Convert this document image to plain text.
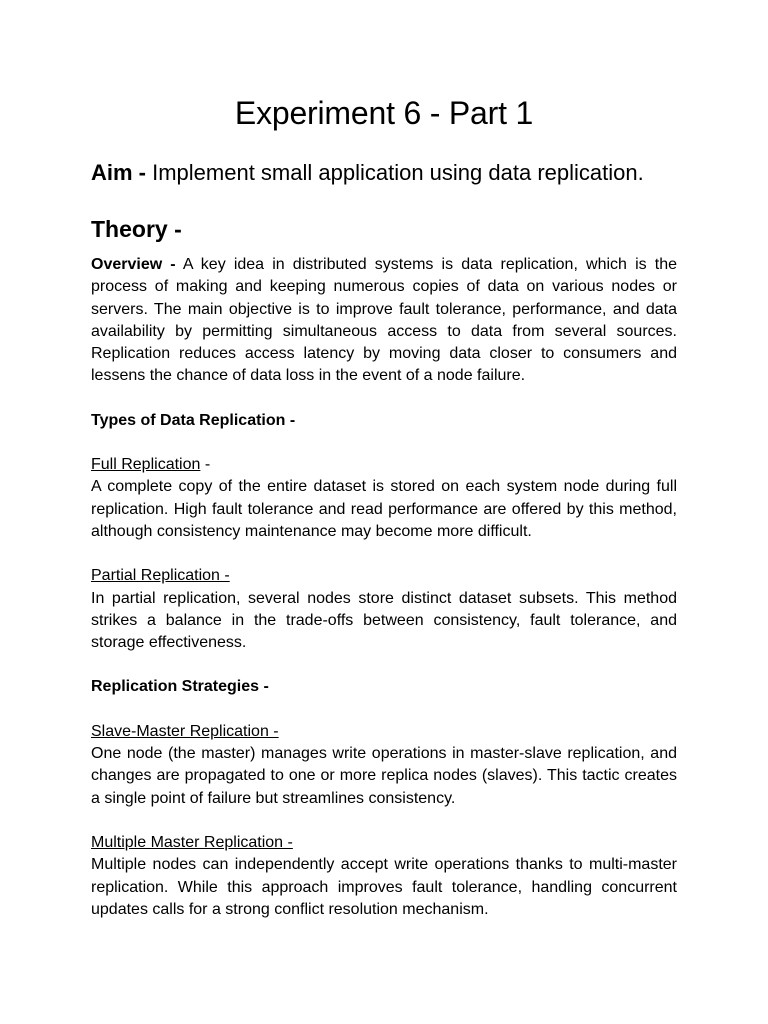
Experiment 6 - Part 1

Aim - Implement small application using data replication.

Theory -

Overview - A key idea in distributed systems is data replication, which is the process of making and keeping numerous copies of data on various nodes or servers. The main objective is to improve fault tolerance, performance, and data availability by permitting simultaneous access to data from several sources. Replication reduces access latency by moving data closer to consumers and lessens the chance of data loss in the event of a node failure.

Types of Data Replication -

Full Replication -

A complete copy of the entire dataset is stored on each system node during full replication. High fault tolerance and read performance are offered by this method, although consistency maintenance may become more difficult.

Partial Replication -

In partial replication, several nodes store distinct dataset subsets. This method strikes a balance in the trade-offs between consistency, fault tolerance, and storage effectiveness.

Replication Strategies -

Slave-Master Replication -

One node (the master) manages write operations in master-slave replication, and changes are propagated to one or more replica nodes (slaves). This tactic creates a single point of failure but streamlines consistency.

Multiple Master Replication -

Multiple nodes can independently accept write operations thanks to multi-master replication. While this approach improves fault tolerance, handling concurrent updates calls for a strong conflict resolution mechanism.
